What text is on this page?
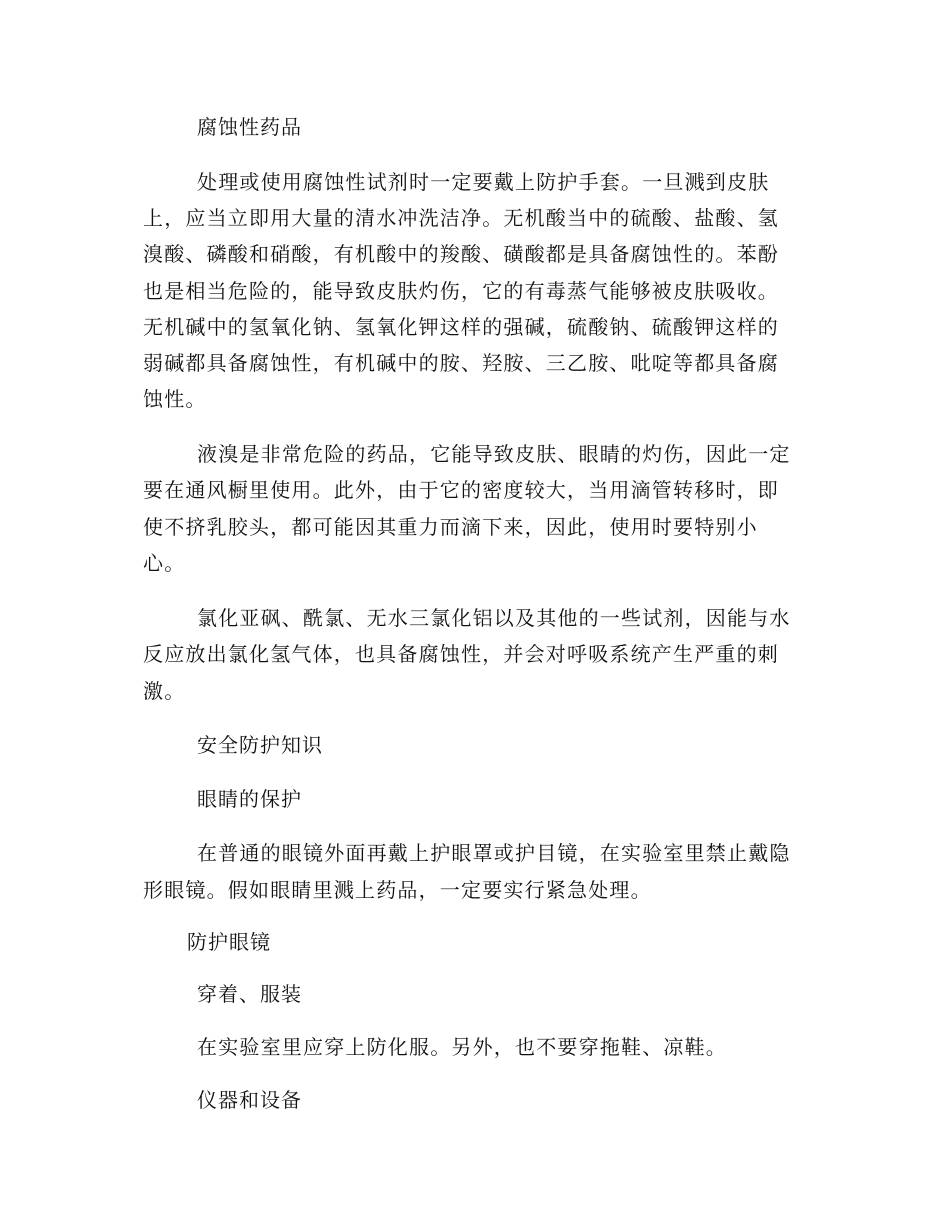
腐蚀性药品

处理或使用腐蚀性试剂时一定要戴上防护手套。一旦溅到皮肤

上，应当立即用大量的清水冲洗洁净。无机酸当中的硫酸、盐酸、氢

溴酸、磷酸和硝酸，有机酸中的羧酸、磺酸都是具备腐蚀性的。苯酚

也是相当危险的，能导致皮肤灼伤，它的有毒蒸气能够被皮肤吸收。

无机碱中的氢氧化钠、氢氧化钾这样的强碱，硫酸钠、硫酸钾这样的

弱碱都具备腐蚀性，有机碱中的胺、羟胺、三乙胺、吡啶等都具备腐

蚀性。

液溴是非常危险的药品，它能导致皮肤、眼睛的灼伤，因此一定

要在通风橱里使用。此外，由于它的密度较大，当用滴管转移时，即

使不挤乳胶头，都可能因其重力而滴下来，因此，使用时要特别小

心。

氯化亚砜、酰氯、无水三氯化铝以及其他的一些试剂，因能与水

反应放出氯化氢气体，也具备腐蚀性，并会对呼吸系统产生严重的刺

激。

安全防护知识

眼睛的保护

在普通的眼镜外面再戴上护眼罩或护目镜，在实验室里禁止戴隐

形眼镜。假如眼睛里溅上药品，一定要实行紧急处理。

防护眼镜

穿着、服装

在实验室里应穿上防化服。另外，也不要穿拖鞋、凉鞋。

仪器和设备
